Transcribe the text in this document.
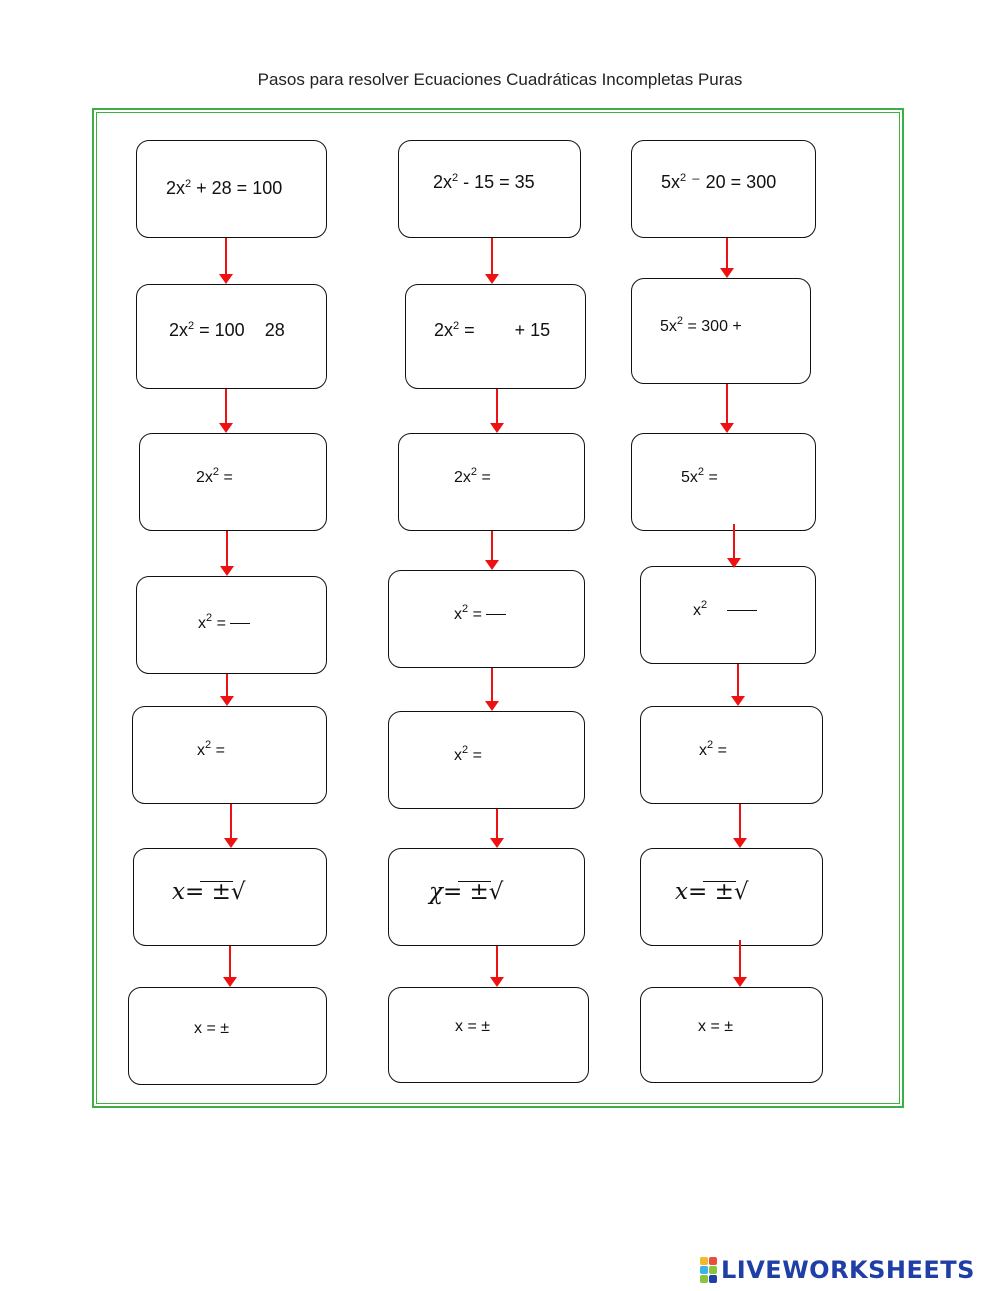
Pasos para resolver Ecuaciones Cuadráticas Incompletas Puras
$2x^2 + 28 = 100$
$2x^2 = 100$    28
$2x^2$ =
$x^2$ =
$x^2$ =
x= ±√
x = ±
$2x^2 - 15 = 35$
$2x^2$ =        + 15
$2x^2$ =
$x^2$ =
$x^2$ =
χ= ±√
x = ±
$5x^2$ ⁻ 20 = 300
$5x^2 = 300$ +
$5x^2$ =
$x^2$
$x^2$ =
x= ±√
x = ±
LIVEWORKSHEETS
